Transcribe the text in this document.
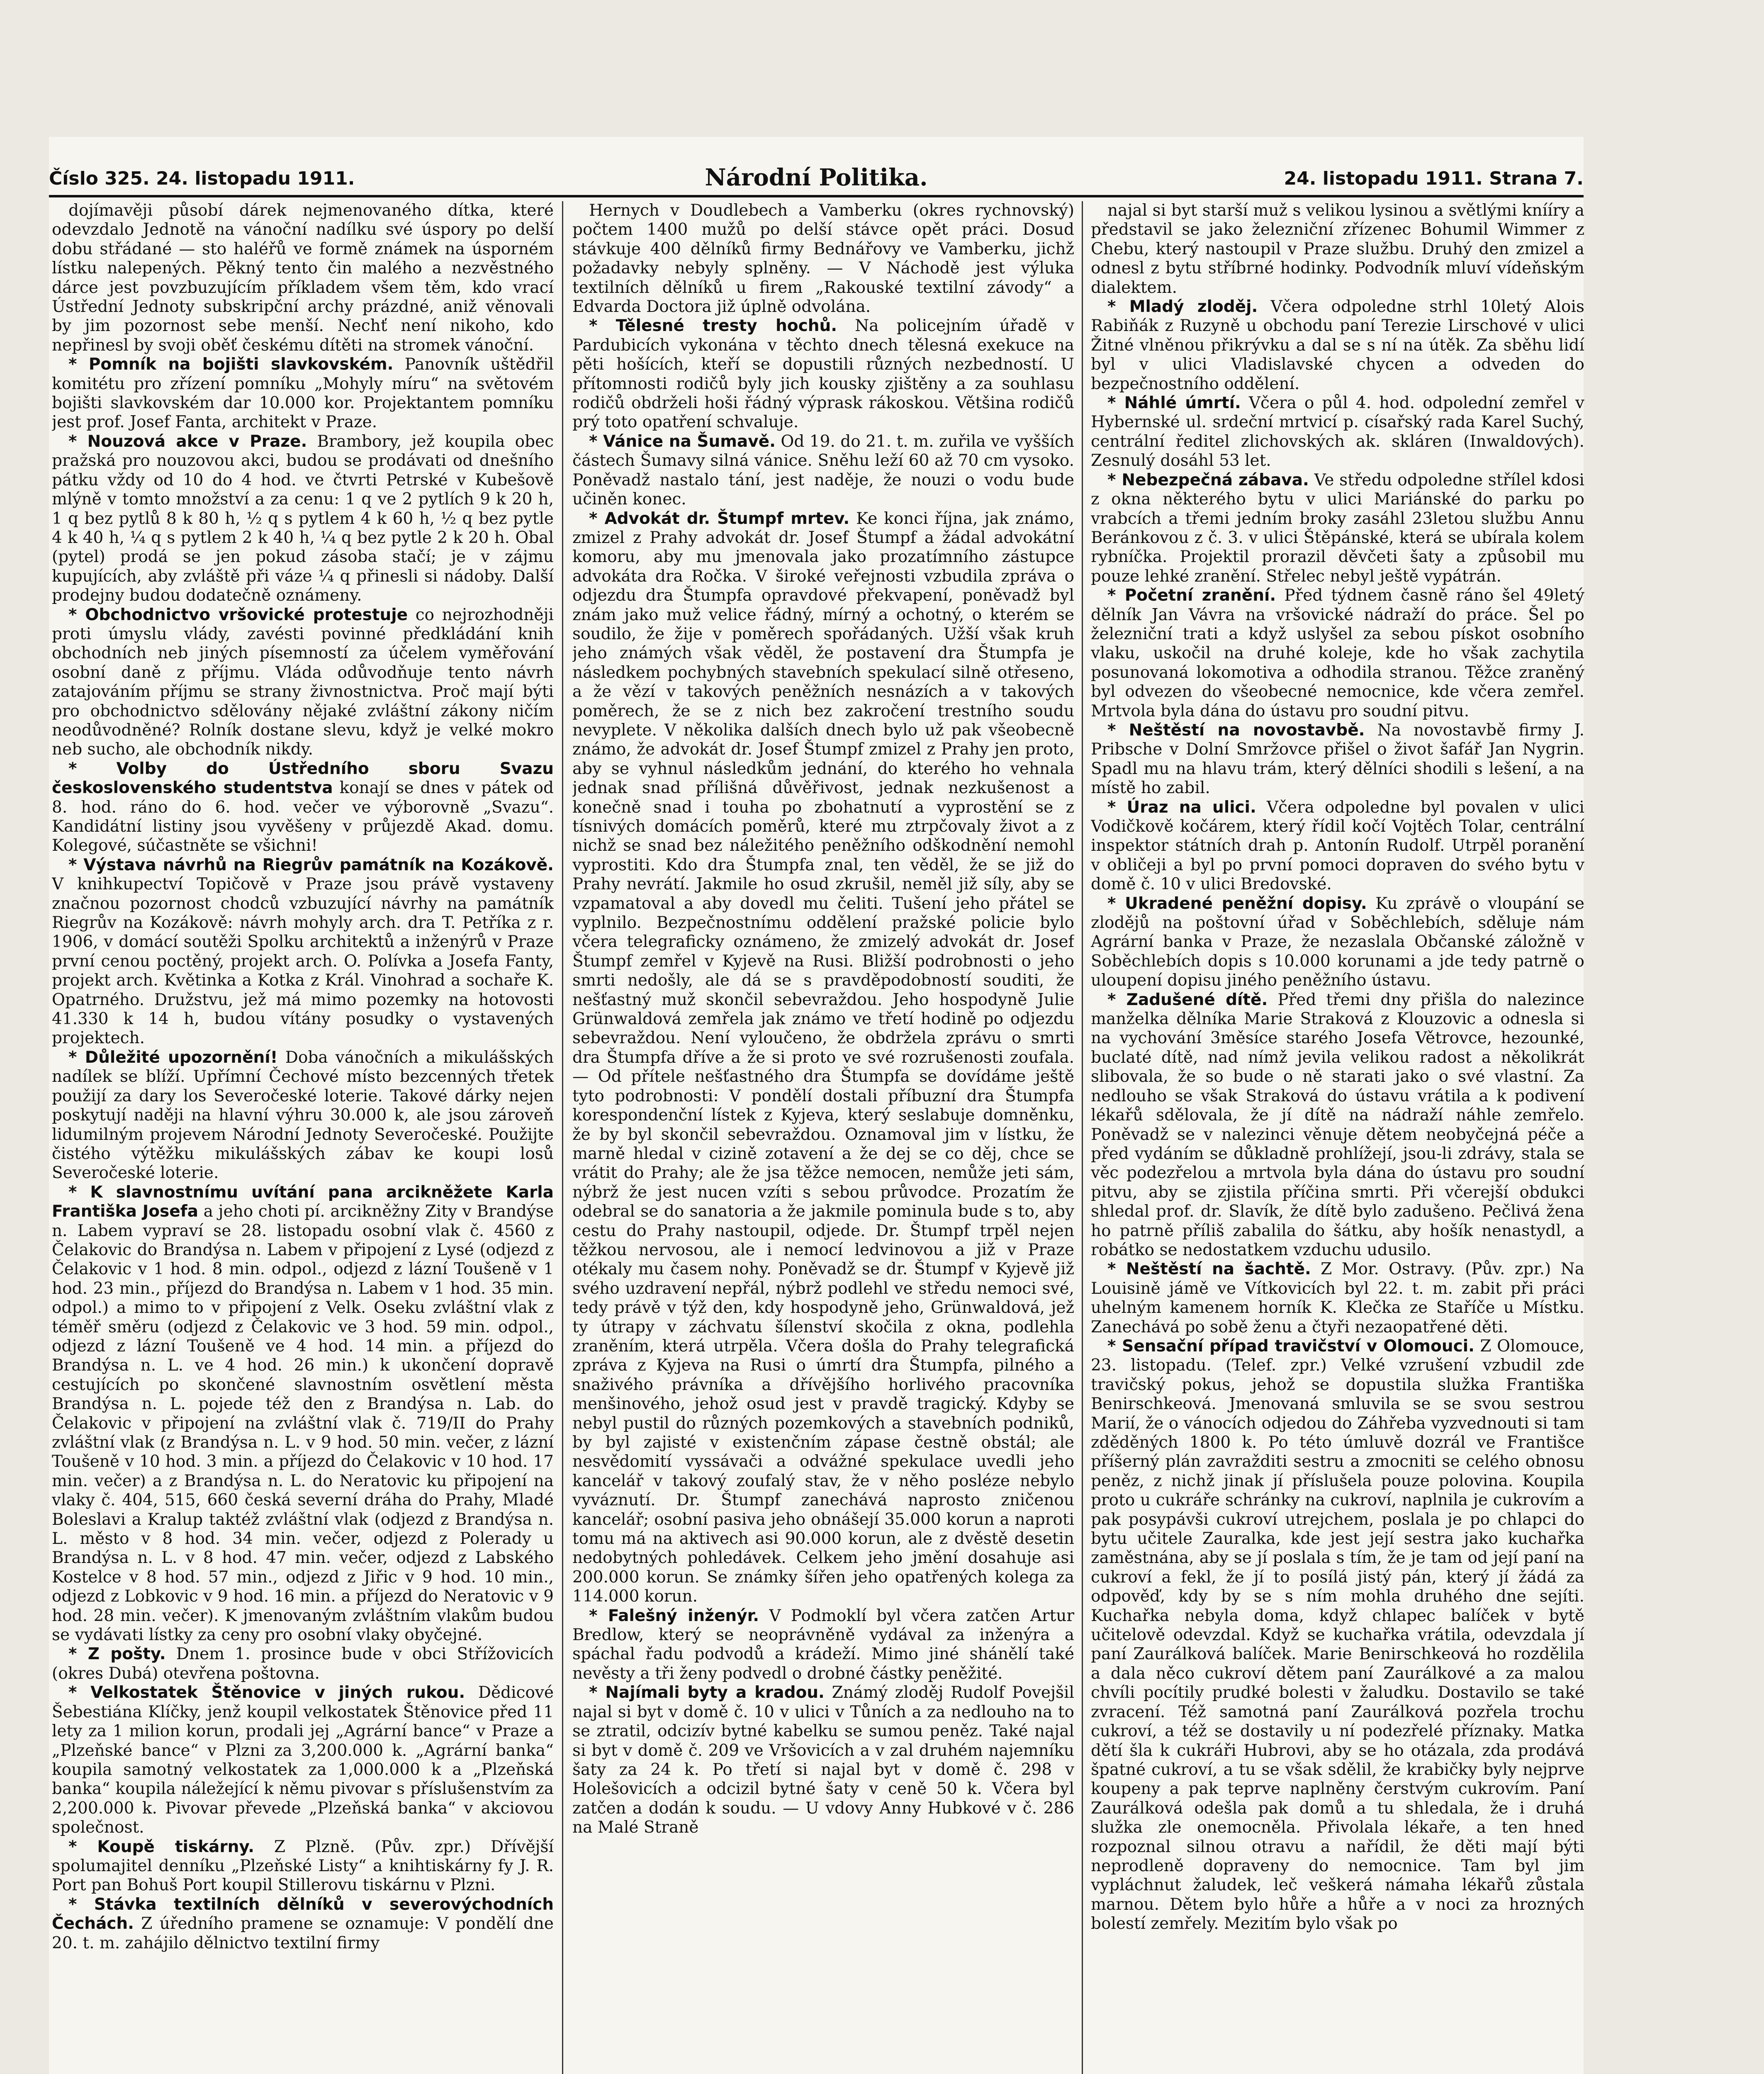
Číslo 325. 24. listopadu 1911.	Národní Politika.	24. listopadu 1911. Strana 7.

dojímavěji působí dárek nejmenovaného dítka, které odevzdalo Jednotě na vánoční nadílku své úspory po delší dobu střádané — sto haléřů ve formě známek na úsporném lístku nalepených. Pěkný tento čin malého a nezvěstného dárce jest povzbuzujícím příkladem všem těm, kdo vrací Ústřední Jednoty subskripční archy prázdné, aniž věnovali by jim pozornost sebe menší. Nechť není nikoho, kdo nepřinesl by svoji oběť českému dítěti na stromek vánoční.

* Pomník na bojišti slavkovském. Panovník uštědřil komitétu pro zřízení pomníku „Mohyly míru“ na světovém bojišti slavkovském dar 10.000 kor. Projektantem pomníku jest prof. Josef Fanta, architekt v Praze.

* Nouzová akce v Praze. Brambory, jež koupila obec pražská pro nouzovou akci, budou se prodávati od dnešního pátku vždy od 10 do 4 hod. ve čtvrti Petrské v Kubešově mlýně v tomto množství a za cenu: 1 q ve 2 pytlích 9 k 20 h, 1 q bez pytlů 8 k 80 h, ½ q s pytlem 4 k 60 h, ½ q bez pytle 4 k 40 h, ¼ q s pytlem 2 k 40 h, ¼ q bez pytle 2 k 20 h. Obal (pytel) prodá se jen pokud zásoba stačí; je v zájmu kupujících, aby zvláště při váze ¼ q přinesli si nádoby. Další prodejny budou dodatečně oznámeny.

* Obchodnictvo vršovické protestuje co nejrozhodněji proti úmyslu vlády, zavésti povinné předkládání knih obchodních neb jiných písemností za účelem vyměřování osobní daně z příjmu. Vláda odůvodňuje tento návrh zatajováním příjmu se strany živnostnictva. Proč mají býti pro obchodnictvo sdělovány nějaké zvláštní zákony ničím neodůvodněné? Rolník dostane slevu, když je velké mokro neb sucho, ale obchodník nikdy.

* Volby do Ústředního sboru Svazu československého studentstva konají se dnes v pátek od 8. hod. ráno do 6. hod. večer ve výborovně „Svazu“. Kandidátní listiny jsou vyvěšeny v průjezdě Akad. domu. Kolegové, súčastněte se všichni!

* Výstava návrhů na Riegrův památník na Kozákově. V knihkupectví Topičově v Praze jsou právě vystaveny značnou pozornost chodců vzbuzující návrhy na památník Riegrův na Kozákově: návrh mohyly arch. dra T. Petříka z r. 1906, v domácí soutěži Spolku architektů a inženýrů v Praze první cenou poctěný, projekt arch. O. Polívka a Josefa Fanty, projekt arch. Květinka a Kotka z Král. Vinohrad a sochaře K. Opatrného. Družstvu, jež má mimo pozemky na hotovosti 41.330 k 14 h, budou vítány posudky o vystavených projektech.

* Důležité upozornění! Doba vánočních a mikulášských nadílek se blíží. Upřímní Čechové místo bezcenných třetek použijí za dary los Severočeské loterie. Takové dárky nejen poskytují naději na hlavní výhru 30.000 k, ale jsou zároveň lidumilným projevem Národní Jednoty Severočeské. Použijte čistého výtěžku mikulášských zábav ke koupi losů Severočeské loterie.

* K slavnostnímu uvítání pana arcikněžete Karla Františka Josefa a jeho choti pí. arcikněžny Zity v Brandýse n. Labem vypraví se 28. listopadu osobní vlak č. 4560 z Čelakovic do Brandýsa n. Labem v připojení z Lysé (odjezd z Čelakovic v 1 hod. 8 min. odpol., odjezd z lázní Toušeně v 1 hod. 23 min., příjezd do Brandýsa n. Labem v 1 hod. 35 min. odpol.) a mimo to v připojení z Velk. Oseku zvláštní vlak z téměř směru (odjezd z Čelakovic ve 3 hod. 59 min. odpol., odjezd z lázní Toušeně ve 4 hod. 14 min. a příjezd do Brandýsa n. L. ve 4 hod. 26 min.) k ukončení dopravě cestujících po skončené slavnostním osvětlení města Brandýsa n. L. pojede též den z Brandýsa n. Lab. do Čelakovic v připojení na zvláštní vlak č. 719/II do Prahy zvláštní vlak (z Brandýsa n. L. v 9 hod. 50 min. večer, z lázní Toušeně v 10 hod. 3 min. a příjezd do Čelakovic v 10 hod. 17 min. večer) a z Brandýsa n. L. do Neratovic ku připojení na vlaky č. 404, 515, 660 česká severní dráha do Prahy, Mladé Boleslavi a Kralup taktéž zvláštní vlak (odjezd z Brandýsa n. L. město v 8 hod. 34 min. večer, odjezd z Polerady u Brandýsa n. L. v 8 hod. 47 min. večer, odjezd z Labského Kostelce v 8 hod. 57 min., odjezd z Jiřic v 9 hod. 10 min., odjezd z Lobkovic v 9 hod. 16 min. a příjezd do Neratovic v 9 hod. 28 min. večer). K jmenovaným zvláštním vlakům budou se vydávati lístky za ceny pro osobní vlaky obyčejné.

* Z pošty. Dnem 1. prosince bude v obci Střížovicích (okres Dubá) otevřena poštovna.

* Velkostatek Štěnovice v jiných rukou. Dědicové Šebestiána Klíčky, jenž koupil velkostatek Štěnovice před 11 lety za 1 milion korun, prodali jej „Agrární bance“ v Praze a „Plzeňské bance“ v Plzni za 3,200.000 k. „Agrární banka“ koupila samotný velkostatek za 1,000.000 k a „Plzeňská banka“ koupila náležející k němu pivovar s příslušenstvím za 2,200.000 k. Pivovar převede „Plzeňská banka“ v akciovou společnost.

* Koupě tiskárny. Z Plzně. (Pův. zpr.) Dřívější spolumajitel denníku „Plzeňské Listy“ a knihtiskárny fy J. R. Port pan Bohuš Port koupil Stillerovu tiskárnu v Plzni.

* Stávka textilních dělníků v severovýchodních Čechách. Z úředního pramene se oznamuje: V pondělí dne 20. t. m. zahájilo dělnictvo textilní firmy

Hernych v Doudlebech a Vamberku (okres rychnovský) počtem 1400 mužů po delší stávce opět práci. Dosud stávkuje 400 dělníků firmy Bednářovy ve Vamberku, jichž požadavky nebyly splněny. — V Náchodě jest výluka textilních dělníků u firem „Rakouské textilní závody“ a Edvarda Doctora již úplně odvolána.

* Tělesné tresty hochů. Na policejním úřadě v Pardubicích vykonána v těchto dnech tělesná exekuce na pěti hošících, kteří se dopustili různých nezbedností. U přítomnosti rodičů byly jich kousky zjištěny a za souhlasu rodičů obdrželi hoši řádný výprask rákoskou. Většina rodičů prý toto opatření schvaluje.

* Vánice na Šumavě. Od 19. do 21. t. m. zuřila ve vyšších částech Šumavy silná vánice. Sněhu leží 60 až 70 cm vysoko. Poněvadž nastalo tání, jest naděje, že nouzi o vodu bude učiněn konec.

* Advokát dr. Štumpf mrtev. Ke konci října, jak známo, zmizel z Prahy advokát dr. Josef Štumpf a žádal advokátní komoru, aby mu jmenovala jako prozatímního zástupce advokáta dra Ročka. V široké veřejnosti vzbudila zpráva o odjezdu dra Štumpfa opravdové překvapení, poněvadž byl znám jako muž velice řádný, mírný a ochotný, o kterém se soudilo, že žije v poměrech spořádaných. Užší však kruh jeho známých však věděl, že postavení dra Štumpfa je následkem pochybných stavebních spekulací silně otřeseno, a že vězí v takových peněžních nesnázích a v takových poměrech, že se z nich bez zakročení trestního soudu nevyplete. V několika dalších dnech bylo už pak všeobecně známo, že advokát dr. Josef Štumpf zmizel z Prahy jen proto, aby se vyhnul následkům jednání, do kterého ho vehnala jednak snad přílišná důvěřivost, jednak nezkušenost a konečně snad i touha po zbohatnutí a vyprostění se z tísnivých domácích poměrů, které mu ztrpčovaly život a z nichž se snad bez náležitého peněžního odškodnění nemohl vyprostiti. Kdo dra Štumpfa znal, ten věděl, že se již do Prahy nevrátí. Jakmile ho osud zkrušil, neměl již síly, aby se vzpamatoval a aby dovedl mu čeliti. Tušení jeho přátel se vyplnilo. Bezpečnostnímu oddělení pražské policie bylo včera telegraficky oznámeno, že zmizelý advokát dr. Josef Štumpf zemřel v Kyjevě na Rusi. Bližší podrobnosti o jeho smrti nedošly, ale dá se s pravděpodobností souditi, že nešťastný muž skončil sebevraždou. Jeho hospodyně Julie Grünwaldová zemřela jak známo ve třetí hodině po odjezdu sebevraždou. Není vyloučeno, že obdržela zprávu o smrti dra Štumpfa dříve a že si proto ve své rozrušenosti zoufala. — Od přítele nešťastného dra Štumpfa se dovídáme ještě tyto podrobnosti: V pondělí dostali příbuzní dra Štumpfa korespondenční lístek z Kyjeva, který seslabuje domněnku, že by byl skončil sebevraždou. Oznamoval jim v lístku, že marně hledal v cizině zotavení a že dej se co děj, chce se vrátit do Prahy; ale že jsa těžce nemocen, nemůže jeti sám, nýbrž že jest nucen vzíti s sebou průvodce. Prozatím že odebral se do sanatoria a že jakmile pominula bude s to, aby cestu do Prahy nastoupil, odjede. Dr. Štumpf trpěl nejen těžkou nervosou, ale i nemocí ledvinovou a již v Praze otékaly mu časem nohy. Poněvadž se dr. Štumpf v Kyjevě již svého uzdravení nepřál, nýbrž podlehl ve středu nemoci své, tedy právě v týž den, kdy hospodyně jeho, Grünwaldová, jež ty útrapy v záchvatu šílenství skočila z okna, podlehla zraněním, která utrpěla. Včera došla do Prahy telegrafická zpráva z Kyjeva na Rusi o úmrtí dra Štumpfa, pilného a snaživého právníka a dřívějšího horlivého pracovníka menšinového, jehož osud jest v pravdě tragický. Kdyby se nebyl pustil do různých pozemkových a stavebních podniků, by byl zajisté v existenčním zápase čestně obstál; ale nesvědomití vyssávači a odvážné spekulace uvedli jeho kancelář v takový zoufalý stav, že v něho posléze nebylo vyváznutí. Dr. Štumpf zanechává naprosto zničenou kancelář; osobní pasiva jeho obnášejí 35.000 korun a naproti tomu má na aktivech asi 90.000 korun, ale z dvěstě desetin nedobytných pohledávek. Celkem jeho jmění dosahuje asi 200.000 korun. Se známky šířen jeho opatřených kolega za 114.000 korun.

* Falešný inženýr. V Podmoklí byl včera zatčen Artur Bredlow, který se neoprávněně vydával za inženýra a spáchal řadu podvodů a krádeží. Mimo jiné shánělí také nevěsty a tři ženy podvedl o drobné částky peněžité.

* Najímali byty a kradou. Známý zloděj Rudolf Povejšil najal si byt v domě č. 10 v ulici v Tůních a za nedlouho na to se ztratil, odcizív bytné kabelku se sumou peněz. Také najal si byt v domě č. 209 ve Vršovicích a v zal druhém najemníku šaty za 24 k. Po třetí si najal byt v domě č. 298 v Holešovicích a odcizil bytné šaty v ceně 50 k. Včera byl zatčen a dodán k soudu. — U vdovy Anny Hubkové v č. 286 na Malé Straně

najal si byt starší muž s velikou lysinou a světlými knííry a představil se jako železniční zřízenec Bohumil Wimmer z Chebu, který nastoupil v Praze službu. Druhý den zmizel a odnesl z bytu stříbrné hodinky. Podvodník mluví vídeňským dialektem.

* Mladý zloděj. Včera odpoledne strhl 10letý Alois Rabiňák z Ruzyně u obchodu paní Terezie Lirschové v ulici Žitné vlněnou přikrývku a dal se s ní na útěk. Za sběhu lidí byl v ulici Vladislavské chycen a odveden do bezpečnostního oddělení.

* Náhlé úmrtí. Včera o půl 4. hod. odpolední zemřel v Hybernské ul. srdeční mrtvicí p. císařský rada Karel Suchý, centrální ředitel zlichovských ak. skláren (Inwaldových). Zesnulý dosáhl 53 let.

* Nebezpečná zábava. Ve středu odpoledne střílel kdosi z okna některého bytu v ulici Mariánské do parku po vrabcích a třemi jedním broky zasáhl 23letou službu Annu Beránkovou z č. 3. v ulici Štěpánské, která se ubírala kolem rybníčka. Projektil prorazil děvčeti šaty a způsobil mu pouze lehké zranění. Střelec nebyl ještě vypátrán.

* Početní zranění. Před týdnem časně ráno šel 49letý dělník Jan Vávra na vršovické nádraží do práce. Šel po železniční trati a když uslyšel za sebou pískot osobního vlaku, uskočil na druhé koleje, kde ho však zachytila posunovaná lokomotiva a odhodila stranou. Těžce zraněný byl odvezen do všeobecné nemocnice, kde včera zemřel. Mrtvola byla dána do ústavu pro soudní pitvu.

* Neštěstí na novostavbě. Na novostavbě firmy J. Pribsche v Dolní Smržovce přišel o život šafář Jan Nygrin. Spadl mu na hlavu trám, který dělníci shodili s lešení, a na místě ho zabil.

* Úraz na ulici. Včera odpoledne byl povalen v ulici Vodičkově kočárem, který řídil kočí Vojtěch Tolar, centrální inspektor státních drah p. Antonín Rudolf. Utrpěl poranění v obličeji a byl po první pomoci dopraven do svého bytu v domě č. 10 v ulici Bredovské.

* Ukradené peněžní dopisy. Ku zprávě o vloupání se zlodějů na poštovní úřad v Soběchlebích, sděluje nám Agrární banka v Praze, že nezaslala Občanské záložně v Soběchlebích dopis s 10.000 korunami a jde tedy patrně o uloupení dopisu jiného peněžního ústavu.

* Zadušené dítě. Před třemi dny přišla do nalezince manželka dělníka Marie Straková z Klouzovic a odnesla si na vychování 3měsíce starého Josefa Větrovce, hezounké, buclaté dítě, nad nímž jevila velikou radost a několikrát slibovala, že so bude o ně starati jako o své vlastní. Za nedlouho se však Straková do ústavu vrátila a k podivení lékařů sdělovala, že jí dítě na nádraží náhle zemřelo. Poněvadž se v nalezinci věnuje dětem neobyčejná péče a před vydáním se důkladně prohlížejí, jsou-li zdrávy, stala se věc podezřelou a mrtvola byla dána do ústavu pro soudní pitvu, aby se zjistila příčina smrti. Při včerejší obdukci shledal prof. dr. Slavík, že dítě bylo zadušeno. Pečlivá žena ho patrně příliš zabalila do šátku, aby hošík nenastydl, a robátko se nedostatkem vzduchu udusilo.

* Neštěstí na šachtě. Z Mor. Ostravy. (Pův. zpr.) Na Louisině jámě ve Vítkovicích byl 22. t. m. zabit při práci uhelným kamenem horník K. Klečka ze Staříče u Místku. Zanechává po sobě ženu a čtyři nezaopatřené děti.

* Sensační případ travičství v Olomouci. Z Olomouce, 23. listopadu. (Telef. zpr.) Velké vzrušení vzbudil zde travičský pokus, jehož se dopustila služka Františka Benirschkeová. Jmenovaná smluvila se se svou sestrou Marií, že o vánocích odjedou do Záhřeba vyzvednouti si tam zděděných 1800 k. Po této úmluvě dozrál ve Františce příšerný plán zavražditi sestru a zmocniti se celého obnosu peněz, z nichž jinak jí příslušela pouze polovina. Koupila proto u cukráře schránky na cukroví, naplnila je cukrovím a pak posypávši cukroví utrejchem, poslala je po chlapci do bytu učitele Zauralka, kde jest její sestra jako kuchařka zaměstnána, aby se jí poslala s tím, že je tam od její paní na cukroví a fekl, že jí to posílá jistý pán, který jí žádá za odpověď, kdy by se s ním mohla druhého dne sejíti. Kuchařka nebyla doma, když chlapec balíček v bytě učitelově odevzdal. Když se kuchařka vrátila, odevzdala jí paní Zaurálková balíček. Marie Benirschkeová ho rozdělila a dala něco cukroví dětem paní Zaurálkové a za malou chvíli pocítily prudké bolesti v žaludku. Dostavilo se také zvracení. Též samotná paní Zaurálková pozřela trochu cukroví, a též se dostavily u ní podezřelé příznaky. Matka dětí šla k cukráři Hubrovi, aby se ho otázala, zda prodává špatné cukroví, a tu se však sdělil, že krabičky byly nejprve koupeny a pak teprve naplněny čerstvým cukrovím. Paní Zaurálková odešla pak domů a tu shledala, že i druhá služka zle onemocněla. Přivolala lékaře, a ten hned rozpoznal silnou otravu a nařídil, že děti mají býti neprodleně dopraveny do nemocnice. Tam byl jim vypláchnut žaludek, leč veškerá námaha lékařů zůstala marnou. Dětem bylo hůře a hůře a v noci za hrozných bolestí zemřely. Mezitím bylo však po
